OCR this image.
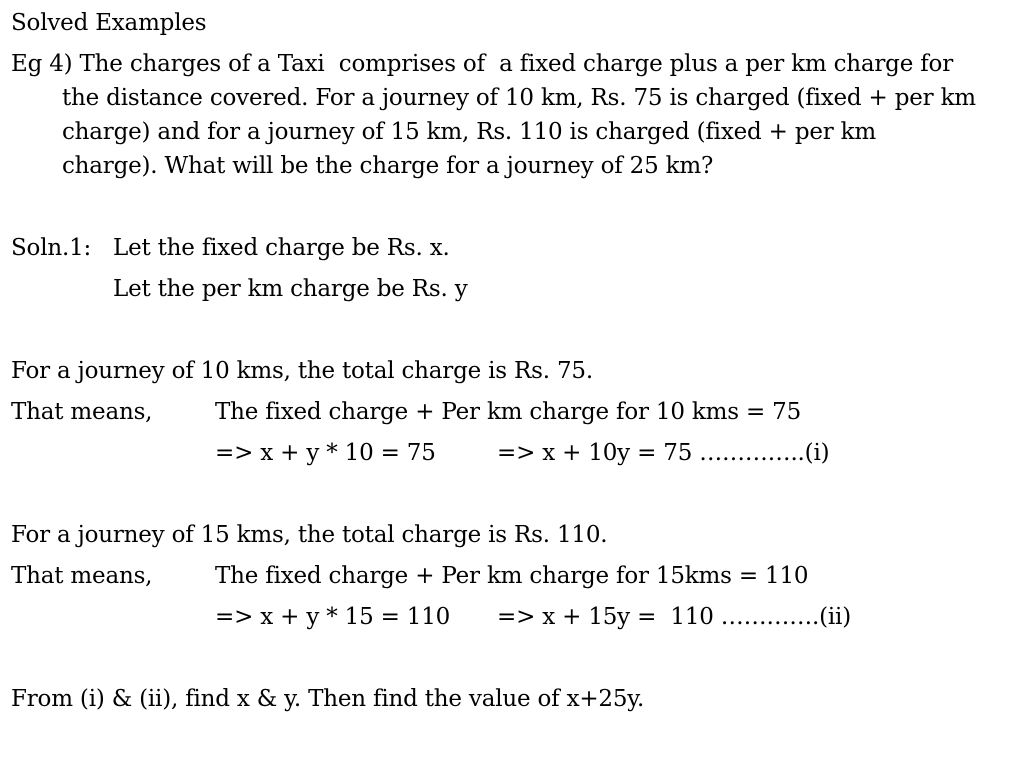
Solved Examples
Eg 4) The charges of a Taxi  comprises of  a fixed charge plus a per km charge for
the distance covered. For a journey of 10 km, Rs. 75 is charged (fixed + per km
charge) and for a journey of 15 km, Rs. 110 is charged (fixed + per km
charge). What will be the charge for a journey of 25 km?
Soln.1: Let the fixed charge be Rs. x.
Let the per km charge be Rs. y
For a journey of 10 kms, the total charge is Rs. 75.
That means,	The fixed charge + Per km charge for 10 kms = 75
=> x + y * 10 = 75	=> x + 10y = 75 …………..(i)
For a journey of 15 kms, the total charge is Rs. 110.
That means,	The fixed charge + Per km charge for 15kms = 110
=> x + y * 15 = 110 => x + 15y =  110 ………….(ii)
From (i) & (ii), find x & y. Then find the value of x+25y.
